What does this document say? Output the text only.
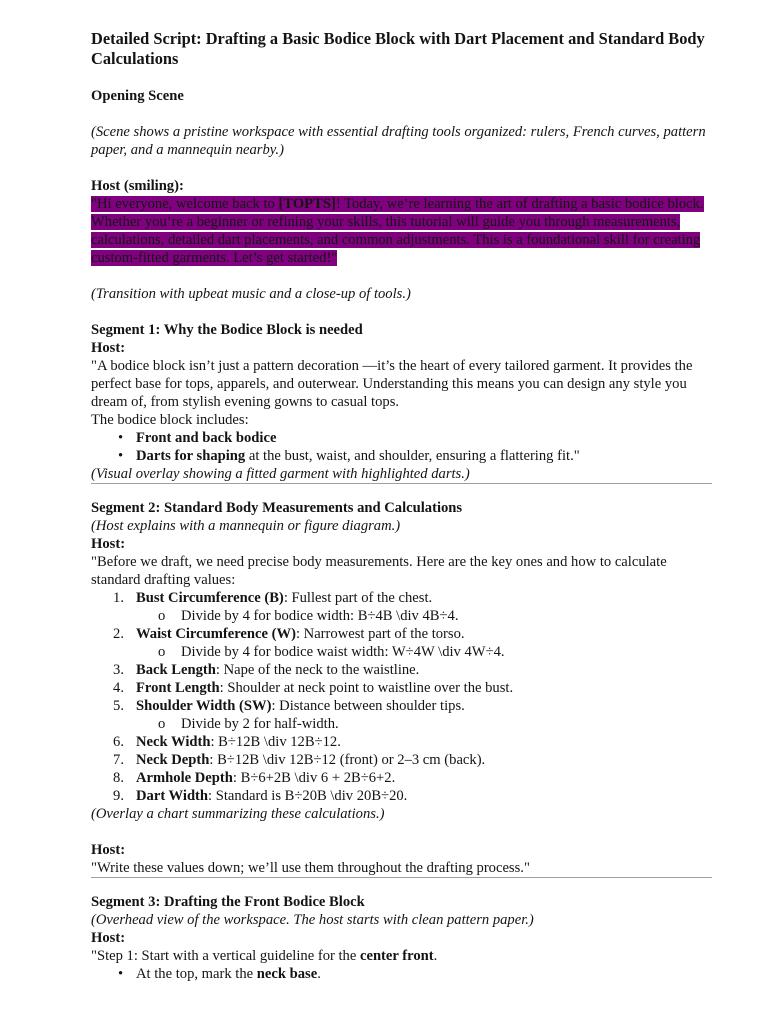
Detailed Script: Drafting a Basic Bodice Block with Dart Placement and Standard Body Calculations
Opening Scene
(Scene shows a pristine workspace with essential drafting tools organized: rulers, French curves, pattern paper, and a mannequin nearby.)
Host (smiling):
"Hi everyone, welcome back to [TOPTS]! Today, we’re learning the art of drafting a basic bodice block. Whether you’re a beginner or refining your skills, this tutorial will guide you through measurements, calculations, detailed dart placements, and common adjustments. This is a foundational skill for creating custom-fitted garments. Let’s get started!"
(Transition with upbeat music and a close-up of tools.)
Segment 1: Why the Bodice Block is needed
Host:
"A bodice block isn’t just a pattern decoration —it’s the heart of every tailored garment. It provides the perfect base for tops, apparels, and outerwear. Understanding this means you can design any style you dream of, from stylish evening gowns to casual tops.
The bodice block includes:
• Front and back bodice
• Darts for shaping at the bust, waist, and shoulder, ensuring a flattering fit."
(Visual overlay showing a fitted garment with highlighted darts.)
Segment 2: Standard Body Measurements and Calculations
(Host explains with a mannequin or figure diagram.)
Host:
"Before we draft, we need precise body measurements. Here are the key ones and how to calculate standard drafting values:
1. Bust Circumference (B): Fullest part of the chest.
o	Divide by 4 for bodice width: B÷4B \div 4B÷4.
2. Waist Circumference (W): Narrowest part of the torso.
o	Divide by 4 for bodice waist width: W÷4W \div 4W÷4.
3. Back Length: Nape of the neck to the waistline.
4. Front Length: Shoulder at neck point to waistline over the bust.
5. Shoulder Width (SW): Distance between shoulder tips.
o	Divide by 2 for half-width.
6. Neck Width: B÷12B \div 12B÷12.
7. Neck Depth: B÷12B \div 12B÷12 (front) or 2–3 cm (back).
8. Armhole Depth: B÷6+2B \div 6 + 2B÷6+2.
9. Dart Width: Standard is B÷20B \div 20B÷20.
(Overlay a chart summarizing these calculations.)
Host:
"Write these values down; we’ll use them throughout the drafting process."
Segment 3: Drafting the Front Bodice Block
(Overhead view of the workspace. The host starts with clean pattern paper.)
Host:
"Step 1: Start with a vertical guideline for the center front.
• At the top, mark the neck base.
